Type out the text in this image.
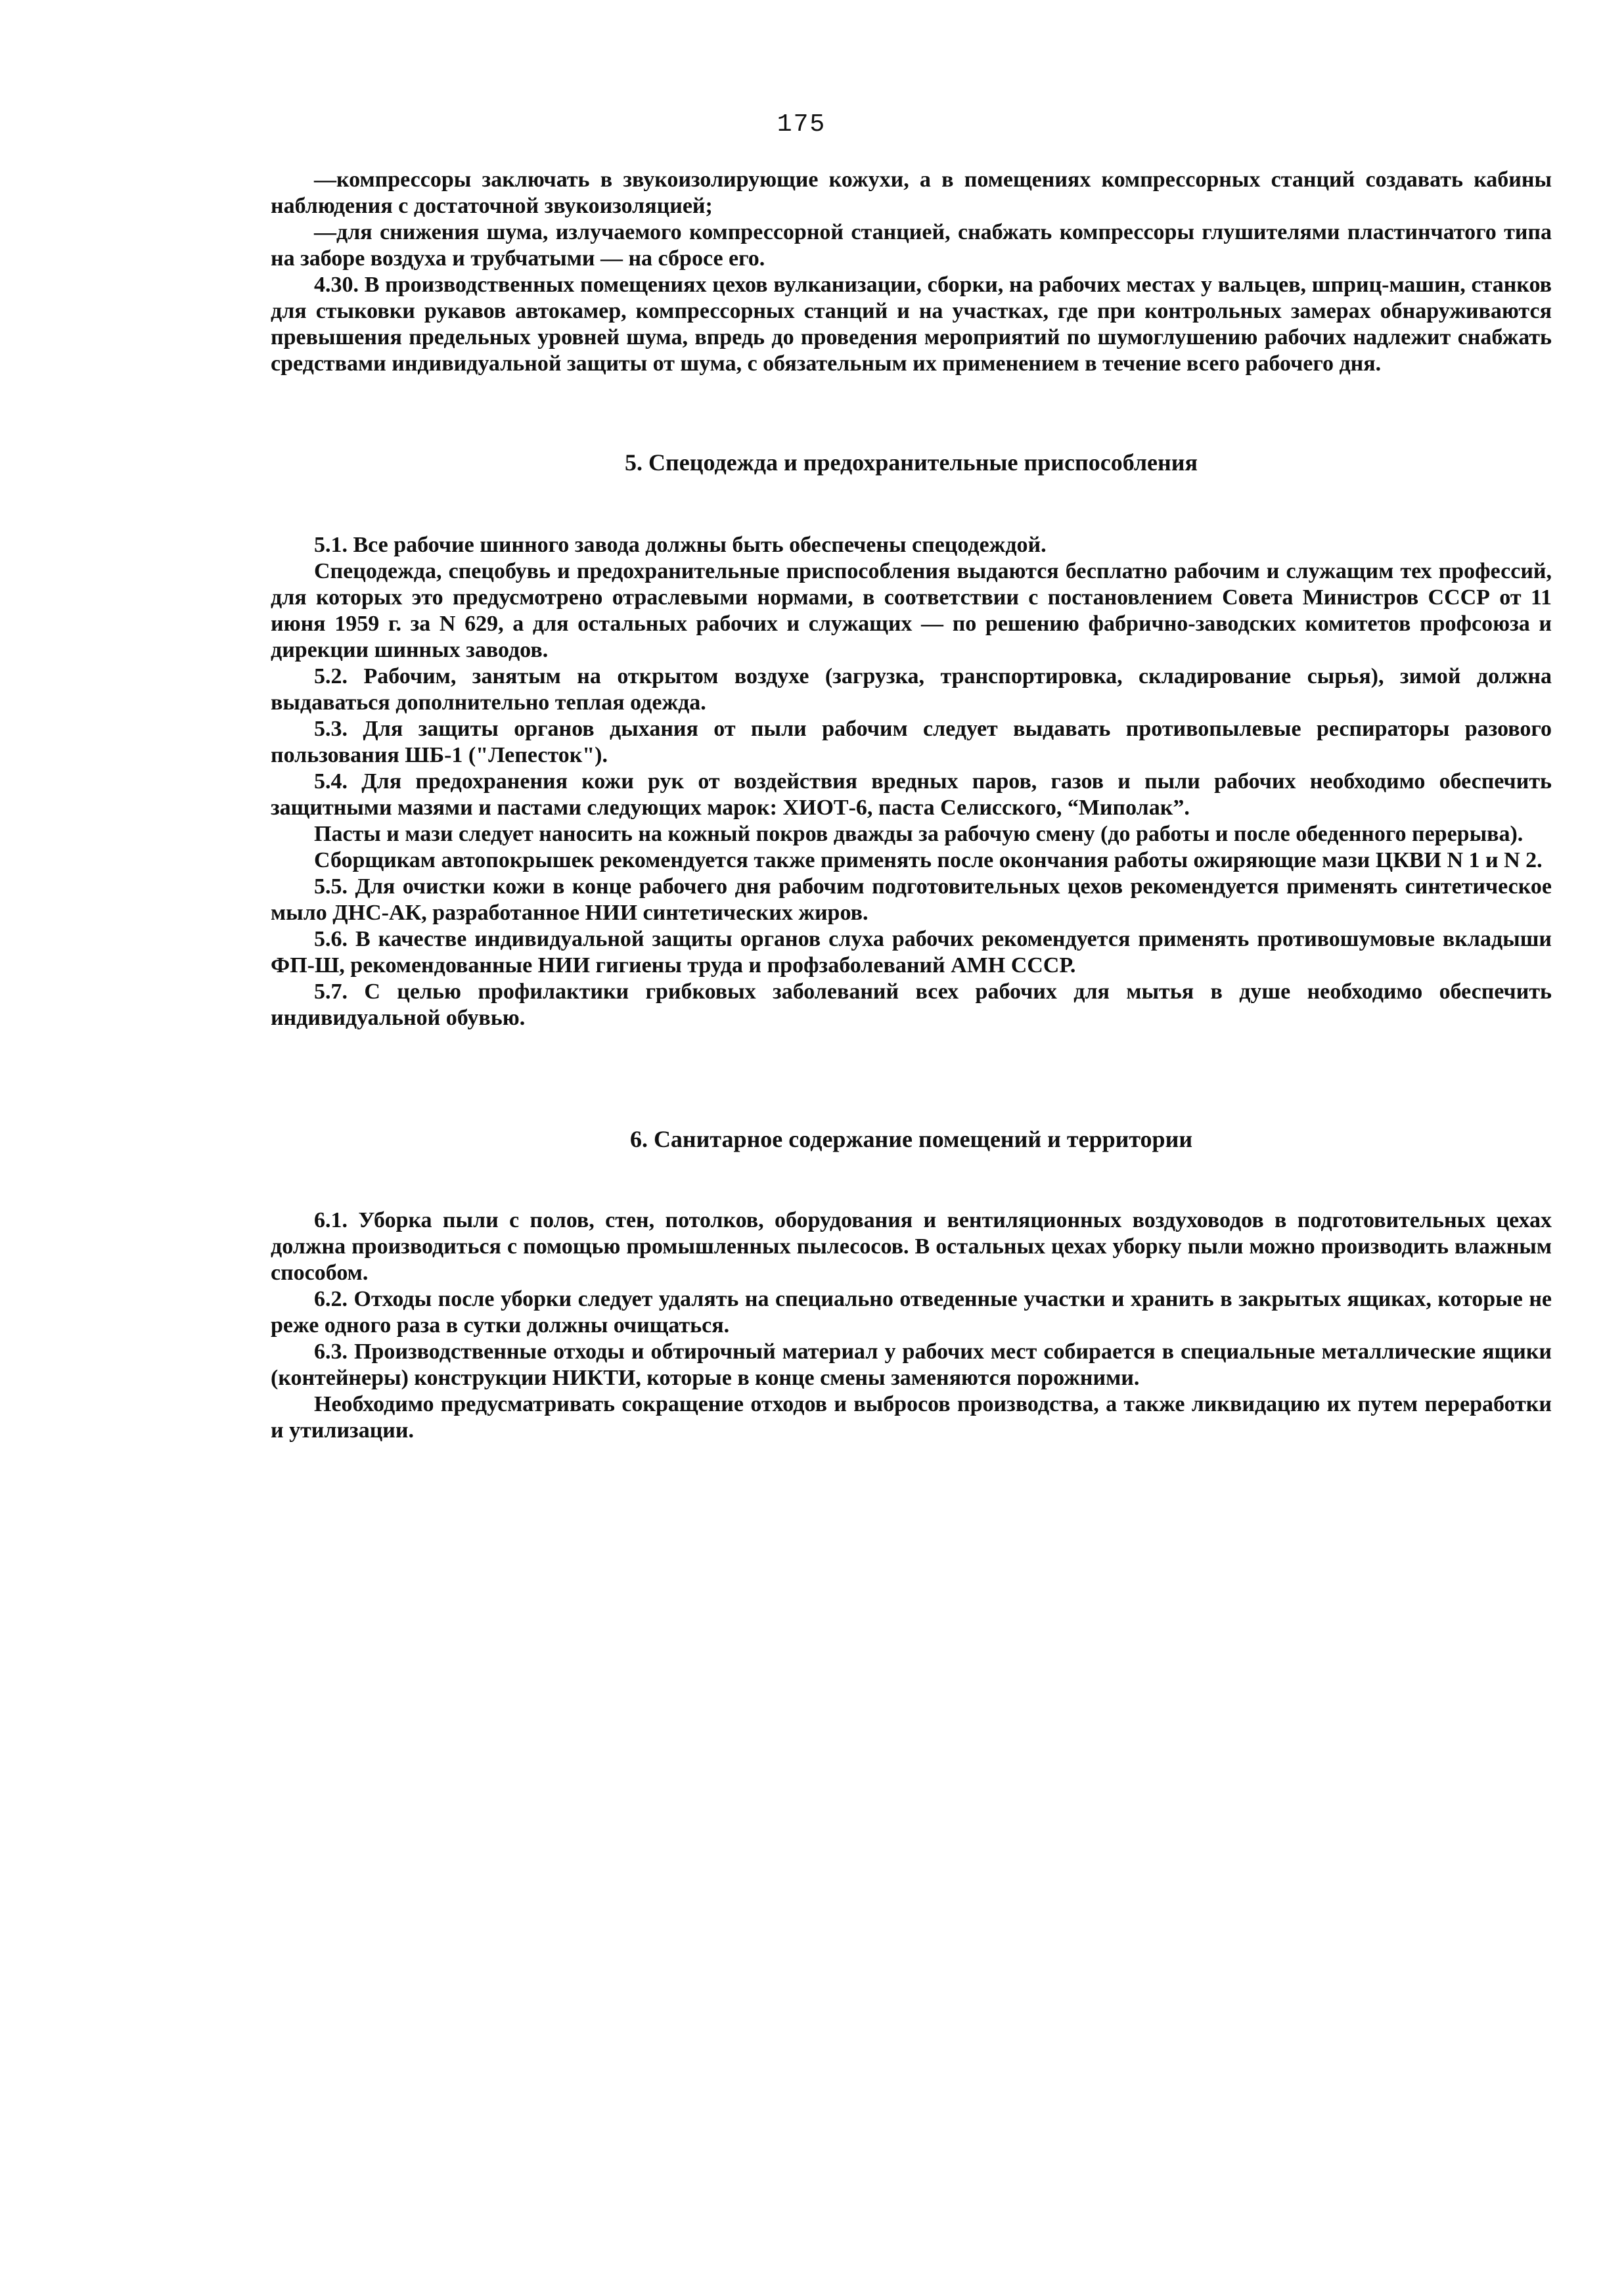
175

—компрессоры заключать в звукоизолирующие кожухи, а в помещениях компрессорных станций создавать кабины наблюдения с достаточной звукоизоляцией;

—для снижения шума, излучаемого компрессорной станцией, снабжать компрессоры глушителями пластинчатого типа на заборе воздуха и трубчатыми — на сбросе его.

4.30. В производственных помещениях цехов вулканизации, сборки, на рабочих местах у вальцев, шприц-машин, станков для стыковки рукавов автокамер, компрессорных станций и на участках, где при контрольных замерах обнаруживаются превышения предельных уровней шума, впредь до проведения мероприятий по шумоглушению рабочих надлежит снабжать средствами индивидуальной защиты от шума, с обязательным их применением в течение всего рабочего дня.

5. Спецодежда и предохранительные приспособления

5.1. Все рабочие шинного завода должны быть обеспечены спецодеждой.

Спецодежда, спецобувь и предохранительные приспособления выдаются бесплатно рабочим и служащим тех профессий, для которых это предусмотрено отраслевыми нормами, в соответствии с постановлением Совета Министров СССР от 11 июня 1959 г. за N 629, а для остальных рабочих и служащих — по решению фабрично-заводских комитетов профсоюза и дирекции шинных заводов.

5.2. Рабочим, занятым на открытом воздухе (загрузка, транспортировка, складирование сырья), зимой должна выдаваться дополнительно теплая одежда.

5.3. Для защиты органов дыхания от пыли рабочим следует выдавать противопылевые респираторы разового пользования ШБ-1 ("Лепесток").

5.4. Для предохранения кожи рук от воздействия вредных паров, газов и пыли рабочих необходимо обеспечить защитными мазями и пастами следующих марок: ХИОТ-6, паста Селисского, “Миполак”.

Пасты и мази следует наносить на кожный покров дважды за рабочую смену (до работы и после обеденного перерыва).

Сборщикам автопокрышек рекомендуется также применять после окончания работы ожиряющие мази ЦКВИ N 1 и N 2.

5.5. Для очистки кожи в конце рабочего дня рабочим подготовительных цехов рекомендуется применять синтетическое мыло ДНС-АК, разработанное НИИ синтетических жиров.

5.6. В качестве индивидуальной защиты органов слуха рабочих рекомендуется применять противошумовые вкладыши ФП-Ш, рекомендованные НИИ гигиены труда и профзаболеваний АМН СССР.

5.7. С целью профилактики грибковых заболеваний всех рабочих для мытья в душе необходимо обеспечить индивидуальной обувью.

6. Санитарное содержание помещений и территории

6.1. Уборка пыли с полов, стен, потолков, оборудования и вентиляционных воздуховодов в подготовительных цехах должна производиться с помощью промышленных пылесосов. В остальных цехах уборку пыли можно производить влажным способом.

6.2. Отходы после уборки следует удалять на специально отведенные участки и хранить в закрытых ящиках, которые не реже одного раза в сутки должны очищаться.

6.3. Производственные отходы и обтирочный материал у рабочих мест собирается в специальные металлические ящики (контейнеры) конструкции НИКТИ, которые в конце смены заменяются порожними.

Необходимо предусматривать сокращение отходов и выбросов производства, а также ликвидацию их путем переработки и утилизации.
